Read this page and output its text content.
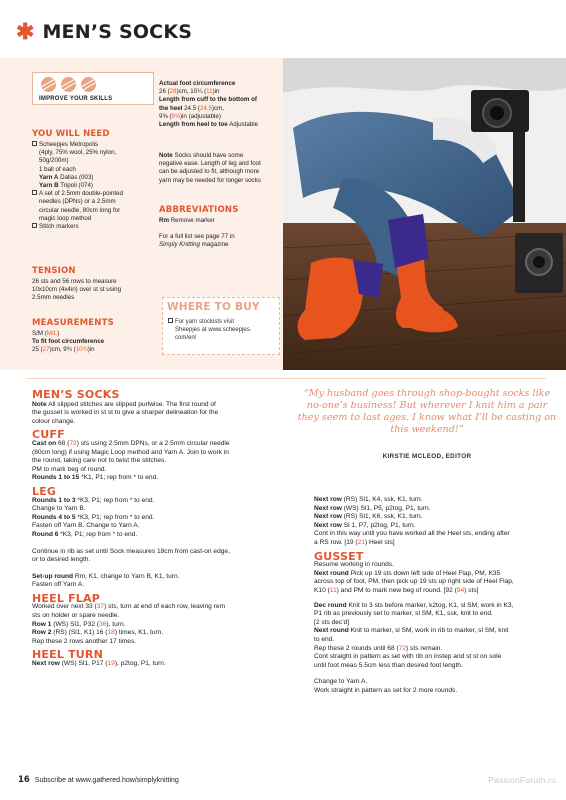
✱ MEN’S SOCKS
IMPROVE YOUR SKILLS
YOU WILL NEED
Scheepjes Metropolis
(4ply, 75% wool, 25% nylon,
50g/200m)
1 ball of each
Yarn A Dallas (003)
Yarn B Tripoli (074)
A set of 2.5mm double-pointed
needles (DPNs) or a 2.5mm
circular needle, 80cm long for
magic loop method
Stitch markers
TENSION
26 sts and 56 rows to measure
10x10cm (4x4in) over st st using
2.5mm needles
MEASUREMENTS
S/M (M/L)
To fit foot circumference
25 (27)cm, 9¾ (10¾)in
Actual foot circumference
26 (28)cm, 10¼ (11)in
Length from cuff to the bottom of
the heel 24.5 (24.5)cm,
9⅝ (9⅝)in (adjustable)
Length from heel to toe Adjustable
Note Socks should have some
negative ease. Length of leg and foot
can be adjusted to fit, although more
yarn may be needed for longer socks
ABBREVIATIONS
Rm Remove marker
For a full list see page 77 in
Simply Knitting magazine
WHERE TO BUY
For yarn stockists visit
Sheepjes at www.scheepjes.
com/en/
MEN’S SOCKS
Note All slipped stitches are slipped purlwise. The first round of
the gusset is worked in st st to give a sharper delineation for the
colour change.
CUFF
Cast on 68 (72) sts using 2.5mm DPNs, or a 2.5mm circular needle
(80cm long) if using Magic Loop method and Yarn A. Join to work in
the round, taking care not to twist the stitches.
PM to mark beg of round.
Rounds 1 to 15 *K1, P1; rep from * to end.
LEG
Rounds 1 to 3 *K3, P1; rep from * to end.
Change to Yarn B.
Rounds 4 to 5 *K3, P1; rep from * to end.
Fasten off Yarn B. Change to Yarn A.
Round 6 *K3, P1; rep from * to end.
Continue in rib as set until Sock measures 18cm from cast-on edge,
or to desired length.
Set-up round Rm, K1, change to Yarn B, K1, turn.
Fasten off Yarn A.
HEEL FLAP
Worked over next 33 (37) sts, turn at end of each row, leaving rem
sts on holder or spare needle.
Row 1 (WS) Sl1, P32 (36), turn.
Row 2 (RS) (Sl1, K1) 16 (18) times, K1, turn.
Rep these 2 rows another 17 times.
HEEL TURN
Next row (WS) Sl1, P17 (19), p2tog, P1, turn.
“My husband goes through shop-bought socks like no-one’s business! But wherever I knit him a pair they seem to last ages. I know what I’ll be casting on this weekend!”
KIRSTIE MCLEOD, EDITOR
Next row (RS) Sl1, K4, ssk, K1, turn.
Next row (WS) Sl1, P5, p2tog, P1, turn.
Next row (RS) Sl1, K6, ssk, K1, turn.
Next row Sl 1, P7, p2tog, P1, turn.
Cont in this way until you have worked all the Heel sts, ending after
a RS row. [19 (21) Heel sts]
GUSSET
Resume working in rounds.
Next round Pick up 19 sts down left side of Heel Flap, PM, K35
across top of foot, PM, then pick up 19 sts up right side of Heel Flap,
K10 (11) and PM to mark new beg of round. [92 (94) sts]
Dec round Knit to 3 sts before marker, k2tog, K1, sl SM, work in K3,
P1 rib as previously set to marker, sl SM, K1, ssk, knit to end.
[2 sts dec’d]
Next round Knit to marker, sl SM, work in rib to marker, sl SM, knit
to end.
Rep these 2 rounds until 68 (72) sts remain.
Cont straight in pattern as set with rib on instep and st st on sole
until foot meas 5.5cm less than desired foot length.
Change to Yarn A.
Work straight in pattern as set for 2 more rounds.
16 Subscribe at www.gathered.how/simplyknitting	PassionForum.ru
